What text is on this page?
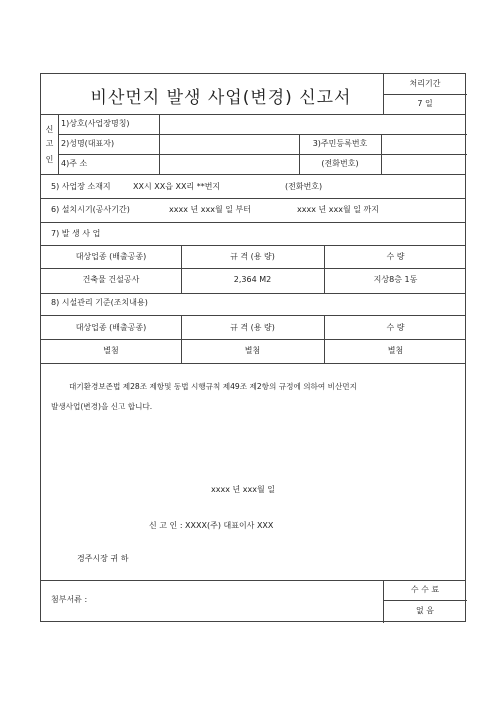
비산먼지 발생 사업(변경) 신고서
처리기간
7 일
신
고
인
1)상호(사업장명칭)
2)성명(대표자)	3)주민등록번호
4)주 소	(전화번호)
5) 사업장 소재지	XX시 XX읍 XX리 **번지	(전화번호)
6) 설치시기(공사기간)	xxxx 년 xxx월 일 부터	xxxx 년 xxx월 일 까지
7) 발 생 사 업
대상업종 (배출공종)	규 격 (용 량)	수 량
건축물 건설공사	2,364 M2	지상8층 1동
8) 시설관리 기준(조치내용)
대상업종 (배출공종)	규 격 (용 량)	수 량
별첨	별첨	별첨
대기환경보존법 제28조 제항및 동법 시행규칙 제49조 제2항의 규정에 의하여 비산먼지
발생사업(변경)을 신고 합니다.
xxxx 년 xxx월 일
신 고 인 : XXXX(주) 대표이사 XXX
경주시장 귀 하
첨부서류 :
수 수 료
없 음
